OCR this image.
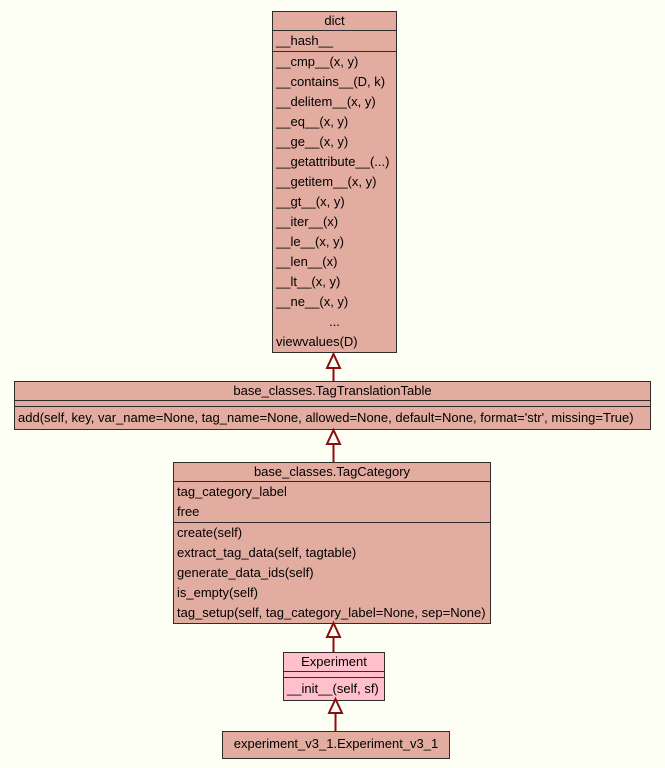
dict
__hash__
__cmp__(x, y)
__contains__(D, k)
__delitem__(x, y)
__eq__(x, y)
__ge__(x, y)
__getattribute__(...)
__getitem__(x, y)
__gt__(x, y)
__iter__(x)
__le__(x, y)
__len__(x)
__lt__(x, y)
__ne__(x, y)
...
viewvalues(D)
base_classes.TagTranslationTable
add(self, key, var_name=None, tag_name=None, allowed=None, default=None, format='str', missing=True)
base_classes.TagCategory
tag_category_label
free
create(self)
extract_tag_data(self, tagtable)
generate_data_ids(self)
is_empty(self)
tag_setup(self, tag_category_label=None, sep=None)
Experiment
__init__(self, sf)
experiment_v3_1.Experiment_v3_1
